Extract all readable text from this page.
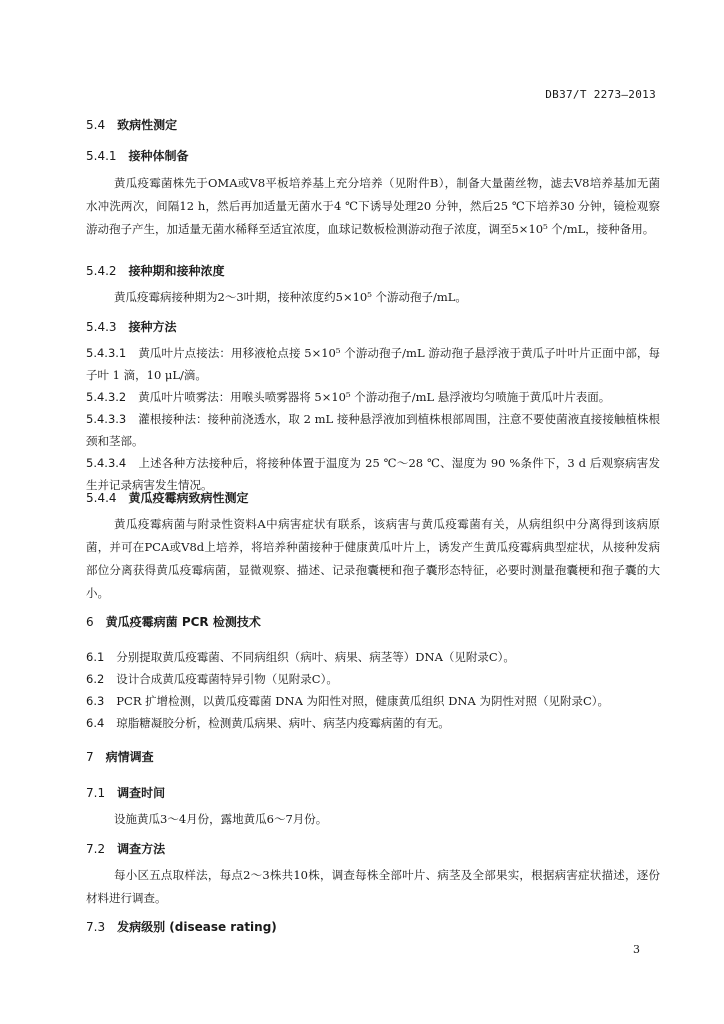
DB37/T 2273—2013
5.4 致病性测定
5.4.1 接种体制备
黄瓜疫霉菌株先于OMA或V8平板培养基上充分培养（见附件B），制备大量菌丝物，滤去V8培养基加无菌水冲洗两次，间隔12 h，然后再加适量无菌水于4 ℃下诱导处理20 分钟，然后25 ℃下培养30 分钟，镜检观察游动孢子产生，加适量无菌水稀释至适宜浓度，血球记数板检测游动孢子浓度，调至5×10⁵ 个/mL，接种备用。
5.4.2 接种期和接种浓度
黄瓜疫霉病接种期为2～3叶期，接种浓度约5×10⁵ 个游动孢子/mL。
5.4.3 接种方法
5.4.3.1 黄瓜叶片点接法：用移液枪点接 5×10⁵ 个游动孢子/mL 游动孢子悬浮液于黄瓜子叶叶片正面中部，每子叶 1 滴，10 μL/滴。
5.4.3.2 黄瓜叶片喷雾法：用喉头喷雾器将 5×10⁵ 个游动孢子/mL 悬浮液均匀喷施于黄瓜叶片表面。
5.4.3.3 灌根接种法：接种前浇透水，取 2 mL 接种悬浮液加到植株根部周围，注意不要使菌液直接接触植株根颈和茎部。
5.4.3.4 上述各种方法接种后，将接种体置于温度为 25 ℃～28 ℃、湿度为 90 %条件下，3 d 后观察病害发生并记录病害发生情况。
5.4.4 黄瓜疫霉病致病性测定
黄瓜疫霉病菌与附录性资料A中病害症状有联系，该病害与黄瓜疫霉菌有关，从病组织中分离得到该病原菌，并可在PCA或V8d上培养，将培养种菌接种于健康黄瓜叶片上，诱发产生黄瓜疫霉病典型症状，从接种发病部位分离获得黄瓜疫霉病菌，显微观察、描述、记录孢囊梗和孢子囊形态特征，必要时测量孢囊梗和孢子囊的大小。
6 黄瓜疫霉病菌 PCR 检测技术
6.1 分别提取黄瓜疫霉菌、不同病组织（病叶、病果、病茎等）DNA（见附录C）。
6.2 设计合成黄瓜疫霉菌特异引物（见附录C）。
6.3 PCR 扩增检测，以黄瓜疫霉菌 DNA 为阳性对照，健康黄瓜组织 DNA 为阴性对照（见附录C）。
6.4 琼脂糖凝胶分析，检测黄瓜病果、病叶、病茎内疫霉病菌的有无。
7 病情调查
7.1 调查时间
设施黄瓜3～4月份，露地黄瓜6～7月份。
7.2 调查方法
每小区五点取样法，每点2～3株共10株，调查每株全部叶片、病茎及全部果实，根据病害症状描述，逐份材料进行调查。
7.3 发病级别 (disease rating)
3
